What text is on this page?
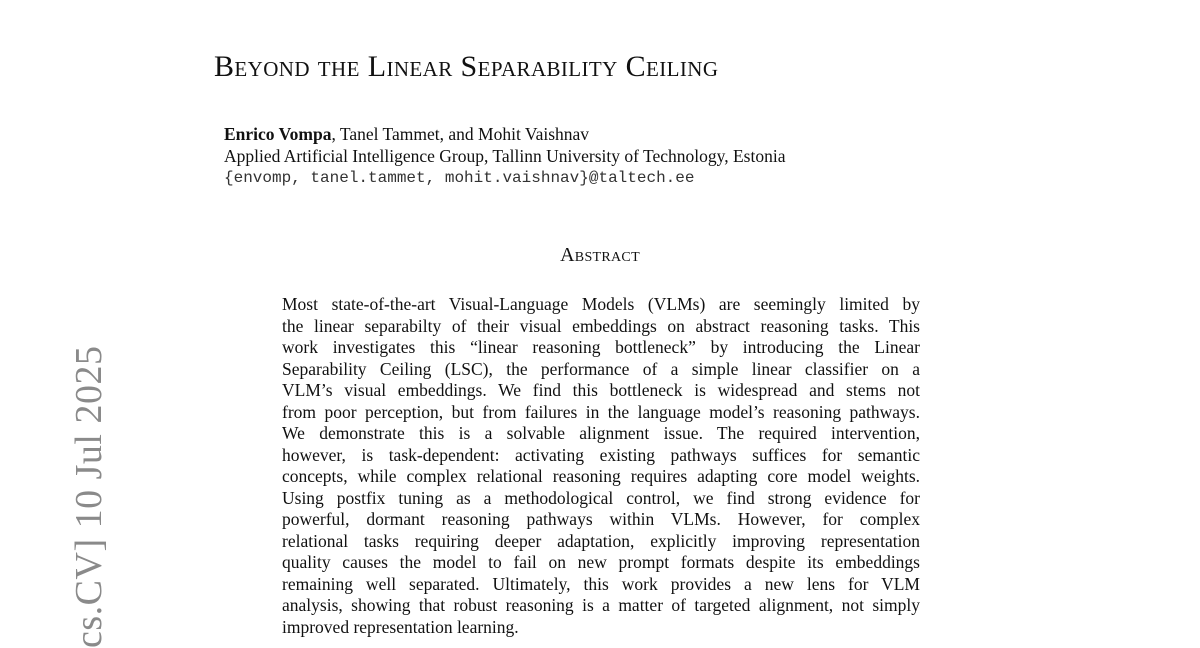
Beyond the Linear Separability Ceiling
Enrico Vompa, Tanel Tammet, and Mohit Vaishnav
Applied Artificial Intelligence Group, Tallinn University of Technology, Estonia
{envomp, tanel.tammet, mohit.vaishnav}@taltech.ee
Abstract
Most state-of-the-art Visual-Language Models (VLMs) are seemingly limited by
the linear separabilty of their visual embeddings on abstract reasoning tasks. This
work investigates this “linear reasoning bottleneck” by introducing the Linear
Separability Ceiling (LSC), the performance of a simple linear classifier on a
VLM’s visual embeddings. We find this bottleneck is widespread and stems not
from poor perception, but from failures in the language model’s reasoning pathways.
We demonstrate this is a solvable alignment issue. The required intervention,
however, is task-dependent: activating existing pathways suffices for semantic
concepts, while complex relational reasoning requires adapting core model weights.
Using postfix tuning as a methodological control, we find strong evidence for
powerful, dormant reasoning pathways within VLMs. However, for complex
relational tasks requiring deeper adaptation, explicitly improving representation
quality causes the model to fail on new prompt formats despite its embeddings
remaining well separated. Ultimately, this work provides a new lens for VLM
analysis, showing that robust reasoning is a matter of targeted alignment, not simply
improved representation learning.
cs.CV] 10 Jul 2025
